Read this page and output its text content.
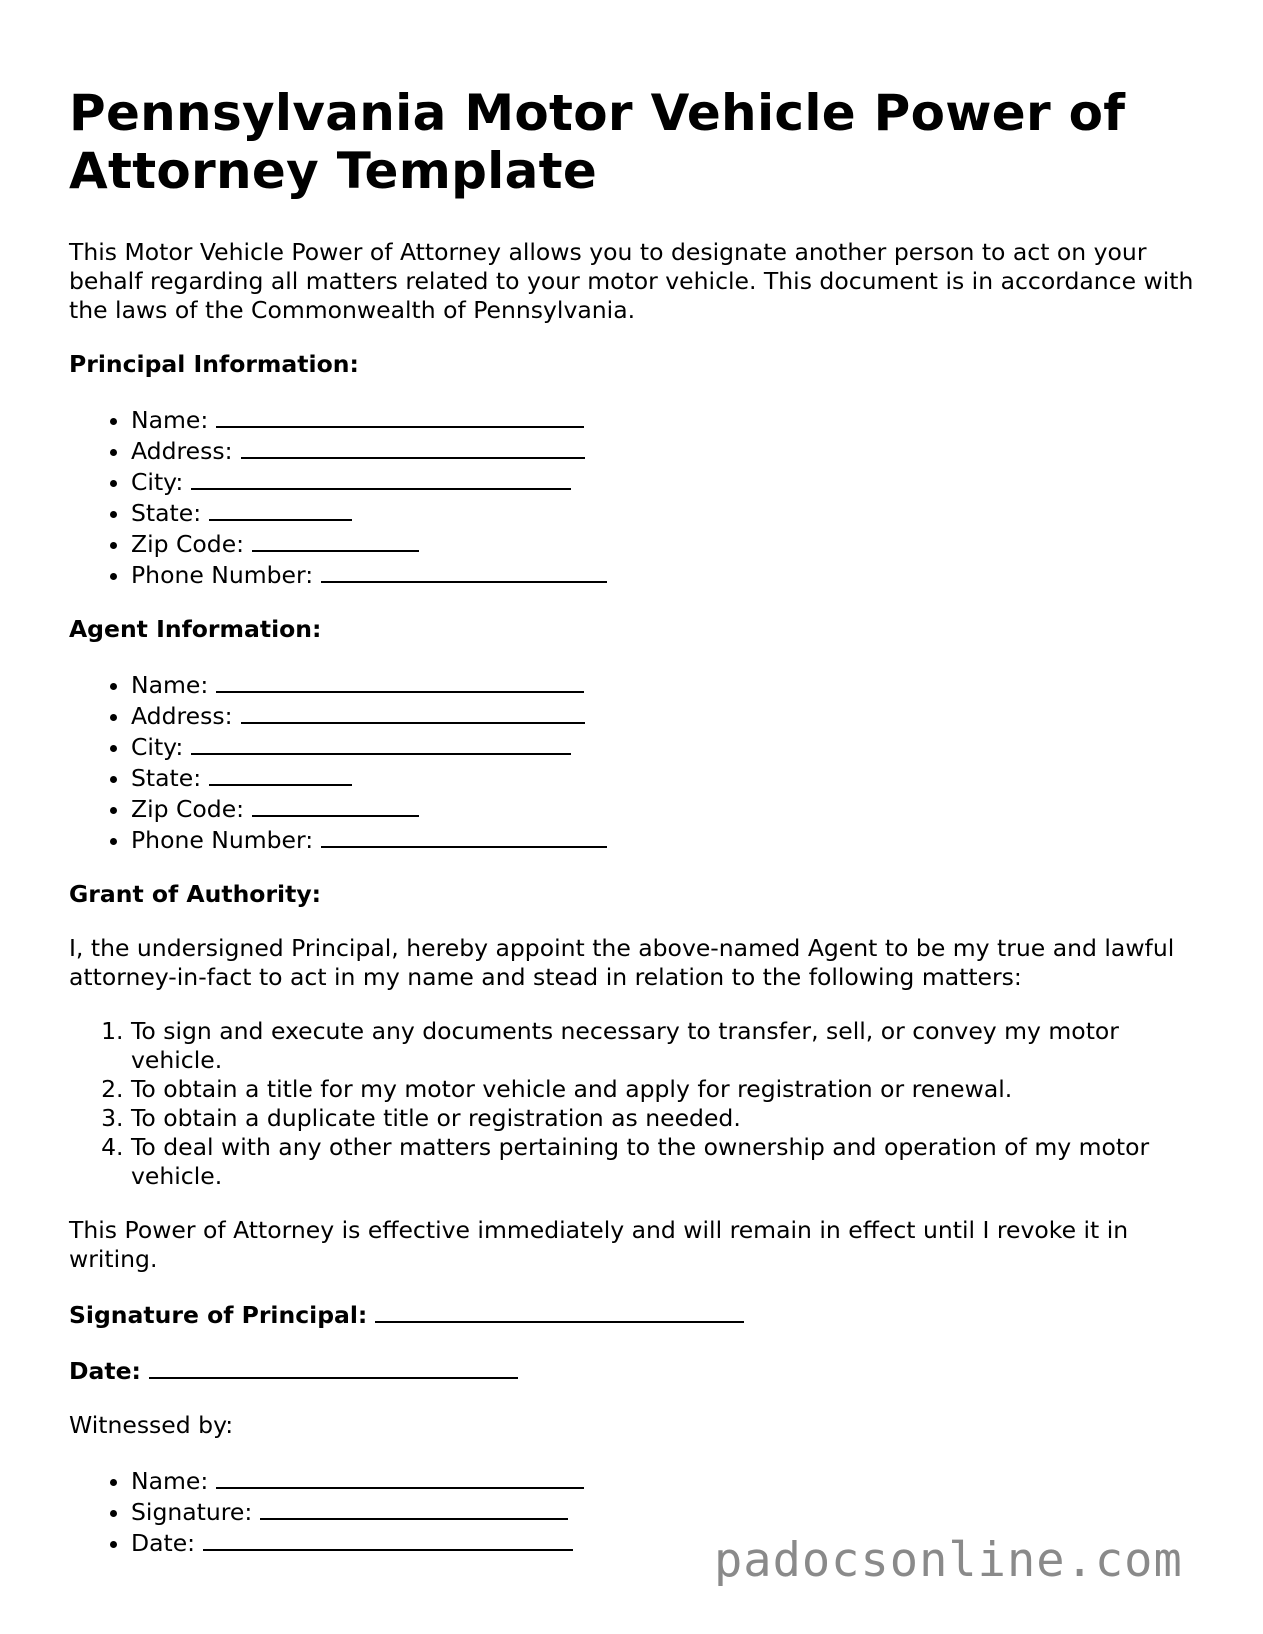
Pennsylvania Motor Vehicle Power of Attorney Template

This Motor Vehicle Power of Attorney allows you to designate another person to act on your behalf regarding all matters related to your motor vehicle. This document is in accordance with the laws of the Commonwealth of Pennsylvania.

Principal Information:
• Name:
• Address:
• City:
• State:
• Zip Code:
• Phone Number:
Agent Information:
• Name:
• Address:
• City:
• State:
• Zip Code:
• Phone Number:
Grant of Authority:

I, the undersigned Principal, hereby appoint the above-named Agent to be my true and lawful attorney-in-fact to act in my name and stead in relation to the following matters:

1. To sign and execute any documents necessary to transfer, sell, or convey my motor vehicle.
2. To obtain a title for my motor vehicle and apply for registration or renewal.
3. To obtain a duplicate title or registration as needed.
4. To deal with any other matters pertaining to the ownership and operation of my motor vehicle.

This Power of Attorney is effective immediately and will remain in effect until I revoke it in writing.

Signature of Principal:
Date:

Witnessed by:

• Name:
• Signature:
• Date:	padocsonline.com
